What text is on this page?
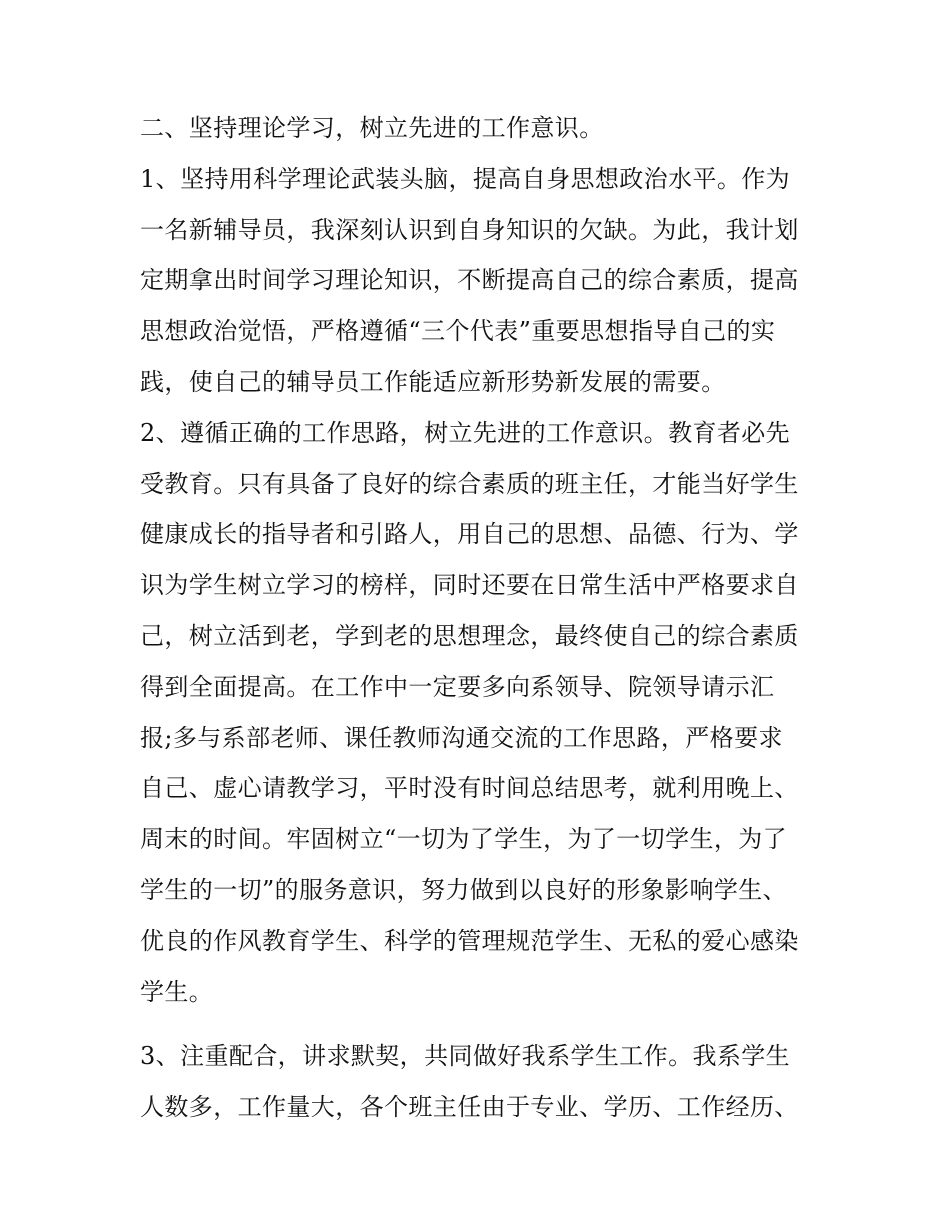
二、坚持理论学习，树立先进的工作意识。
1、坚持用科学理论武装头脑，提高自身思想政治水平。作为
一名新辅导员，我深刻认识到自身知识的欠缺。为此，我计划
定期拿出时间学习理论知识，不断提高自己的综合素质，提高
思想政治觉悟，严格遵循“三个代表”重要思想指导自己的实
践，使自己的辅导员工作能适应新形势新发展的需要。
2、遵循正确的工作思路，树立先进的工作意识。教育者必先
受教育。只有具备了良好的综合素质的班主任，才能当好学生
健康成长的指导者和引路人，用自己的思想、品德、行为、学
识为学生树立学习的榜样，同时还要在日常生活中严格要求自
己，树立活到老，学到老的思想理念，最终使自己的综合素质
得到全面提高。在工作中一定要多向系领导、院领导请示汇
报;多与系部老师、课任教师沟通交流的工作思路，严格要求
自己、虚心请教学习，平时没有时间总结思考，就利用晚上、
周末的时间。牢固树立“一切为了学生，为了一切学生，为了
学生的一切”的服务意识，努力做到以良好的形象影响学生、
优良的作风教育学生、科学的管理规范学生、无私的爱心感染
学生。
3、注重配合，讲求默契，共同做好我系学生工作。我系学生
人数多，工作量大，各个班主任由于专业、学历、工作经历、
